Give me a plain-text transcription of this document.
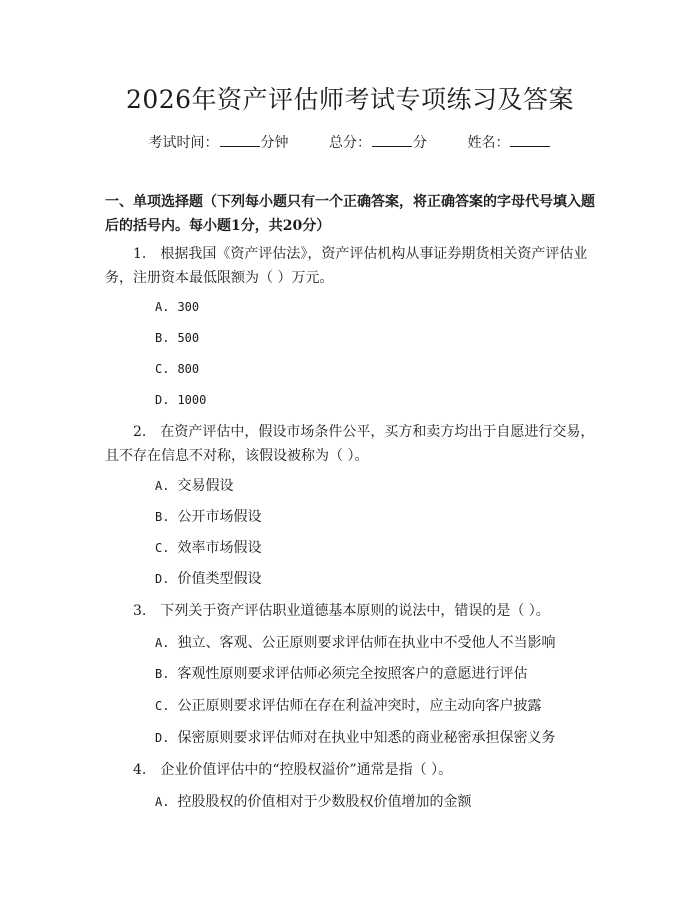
2026年资产评估师考试专项练习及答案
考试时间：	分钟	总分：	分	姓名：
一、单项选择题（下列每小题只有一个正确答案，将正确答案的字母代号填入题后的括号内。每小题1分，共20分）
1. 根据我国《资产评估法》，资产评估机构从事证券期货相关资产评估业务，注册资本最低限额为（ ）万元。
A. 300
B. 500
C. 800
D. 1000
2. 在资产评估中，假设市场条件公平，买方和卖方均出于自愿进行交易，且不存在信息不对称，该假设被称为（ ）。
A. 交易假设
B. 公开市场假设
C. 效率市场假设
D. 价值类型假设
3. 下列关于资产评估职业道德基本原则的说法中，错误的是（ ）。
A. 独立、客观、公正原则要求评估师在执业中不受他人不当影响
B. 客观性原则要求评估师必须完全按照客户的意愿进行评估
C. 公正原则要求评估师在存在利益冲突时，应主动向客户披露
D. 保密原则要求评估师对在执业中知悉的商业秘密承担保密义务
4. 企业价值评估中的“控股权溢价”通常是指（ ）。
A. 控股股权的价值相对于少数股权价值增加的金额
